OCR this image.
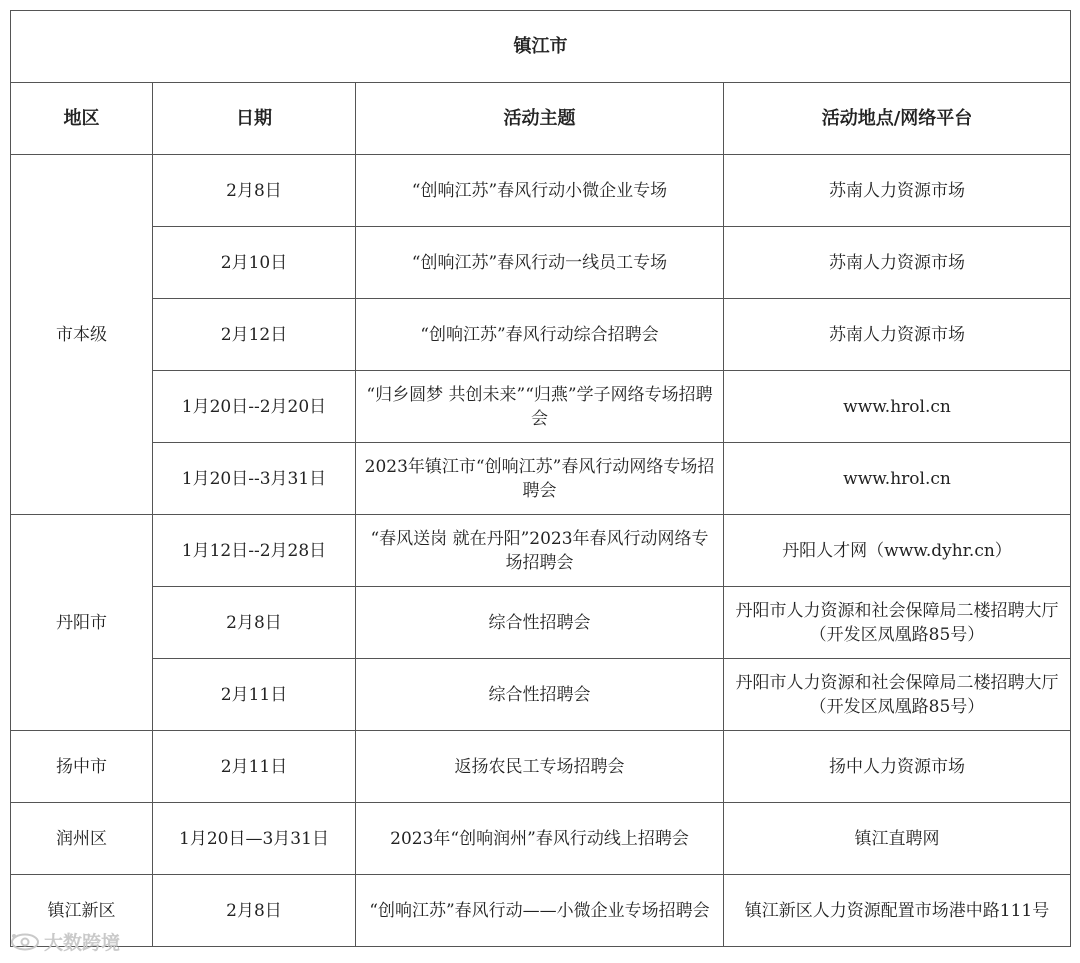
镇江市			
地区	日期	活动主题	活动地点/网络平台
市本级	2月8日	“创响江苏”春风行动小微企业专场	苏南人力资源市场
	2月10日	“创响江苏”春风行动一线员工专场	苏南人力资源市场
	2月12日	“创响江苏”春风行动综合招聘会	苏南人力资源市场
	1月20日--2月20日	“归乡圆梦 共创未来”“归燕”学子网络专场招聘会	www.hrol.cn
	1月20日--3月31日	2023年镇江市“创响江苏”春风行动网络专场招聘会	www.hrol.cn
丹阳市	1月12日--2月28日	“春风送岗 就在丹阳”2023年春风行动网络专场招聘会	丹阳人才网（www.dyhr.cn）
	2月8日	综合性招聘会	丹阳市人力资源和社会保障局二楼招聘大厅（开发区凤凰路85号）
	2月11日	综合性招聘会	丹阳市人力资源和社会保障局二楼招聘大厅（开发区凤凰路85号）
扬中市	2月11日	返扬农民工专场招聘会	扬中人力资源市场
润州区	1月20日—3月31日	2023年“创响润州”春风行动线上招聘会	镇江直聘网
镇江新区	2月8日	“创响江苏”春风行动——小微企业专场招聘会	镇江新区人力资源配置市场港中路111号
大数跨境
